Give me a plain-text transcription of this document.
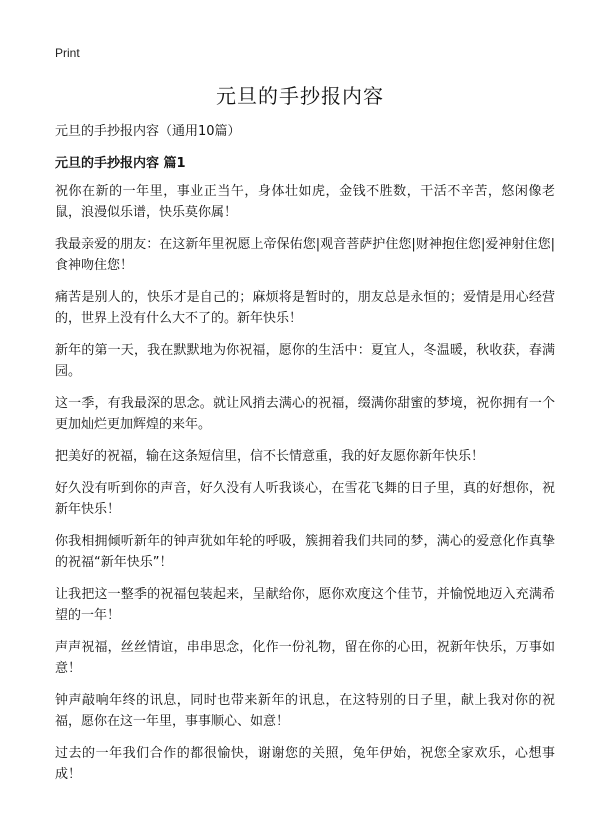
Print
元旦的手抄报内容
元旦的手抄报内容（通用10篇）
元旦的手抄报内容 篇1

祝你在新的一年里，事业正当午，身体壮如虎，金钱不胜数，干活不辛苦，悠闲像老鼠，浪漫似乐谱，快乐莫你属！

我最亲爱的朋友：在这新年里祝愿上帝保佑您|观音菩萨护住您|财神抱住您|爱神射住您|食神吻住您！

痛苦是别人的，快乐才是自己的；麻烦将是暂时的，朋友总是永恒的；爱情是用心经营的，世界上没有什么大不了的。新年快乐！

新年的第一天，我在默默地为你祝福，愿你的生活中：夏宜人，冬温暖，秋收获，春满园。

这一季，有我最深的思念。就让风捎去满心的祝福，缀满你甜蜜的梦境，祝你拥有一个更加灿烂更加辉煌的来年。

把美好的祝福，输在这条短信里，信不长情意重，我的好友愿你新年快乐！

好久没有听到你的声音，好久没有人听我谈心，在雪花飞舞的日子里，真的好想你，祝新年快乐！

你我相拥倾听新年的钟声犹如年轮的呼吸，簇拥着我们共同的梦，满心的爱意化作真挚的祝福“新年快乐”！

让我把这一整季的祝福包装起来，呈献给你，愿你欢度这个佳节，并愉悦地迈入充满希望的一年！

声声祝福，丝丝情谊，串串思念，化作一份礼物，留在你的心田，祝新年快乐，万事如意！

钟声敲响年终的讯息，同时也带来新年的讯息，在这特别的日子里，献上我对你的祝福，愿你在这一年里，事事顺心、如意！

过去的一年我们合作的都很愉快，谢谢您的关照，兔年伊始，祝您全家欢乐，心想事成！
